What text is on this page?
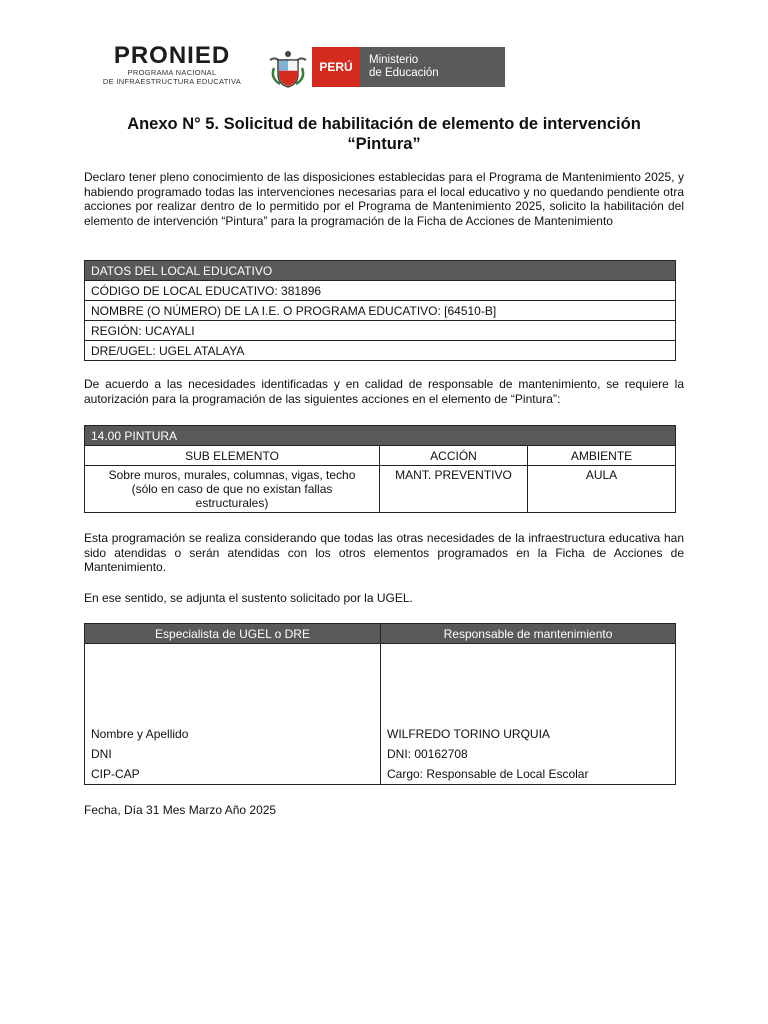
PRONIED
PROGRAMA NACIONAL
DE INFRAESTRUCTURA EDUCATIVA
PERÚ	Ministerio
de Educación
Anexo N° 5. Solicitud de habilitación de elemento de intervención
“Pintura”
Declaro tener pleno conocimiento de las disposiciones establecidas para el Programa de Mantenimiento 2025, y habiendo programado todas las intervenciones necesarias para el local educativo y no quedando pendiente otra acciones por realizar dentro de lo permitido por el Programa de Mantenimiento 2025, solicito la habilitación del elemento de intervención “Pintura” para la programación de la Ficha de Acciones de Mantenimiento
DATOS DEL LOCAL EDUCATIVO
CÓDIGO DE LOCAL EDUCATIVO: 381896
NOMBRE (O NÚMERO) DE LA I.E. O PROGRAMA EDUCATIVO: [64510-B]
REGIÓN: UCAYALI
DRE/UGEL: UGEL ATALAYA
De acuerdo a las necesidades identificadas y en calidad de responsable de mantenimiento, se requiere la autorización para la programación de las siguientes acciones en el elemento de “Pintura”:
14.00 PINTURA		
SUB ELEMENTO	ACCIÓN	AMBIENTE

Sobre muros, murales, columnas, vigas, techo
(sólo en caso de que no existan fallas
estructurales)	MANT. PREVENTIVO	AULA
Esta programación se realiza considerando que todas las otras necesidades de la infraestructura educativa han sido atendidas o serán atendidas con los otros elementos programados en la Ficha de Acciones de Mantenimiento.
En ese sentido, se adjunta el sustento solicitado por la UGEL.
Especialista de UGEL o DRE	Responsable de mantenimiento

Nombre y Apellido	WILFREDO TORINO URQUIA
DNI	DNI: 00162708
CIP-CAP	Cargo: Responsable de Local Escolar
Fecha, Día 31 Mes Marzo Año 2025
